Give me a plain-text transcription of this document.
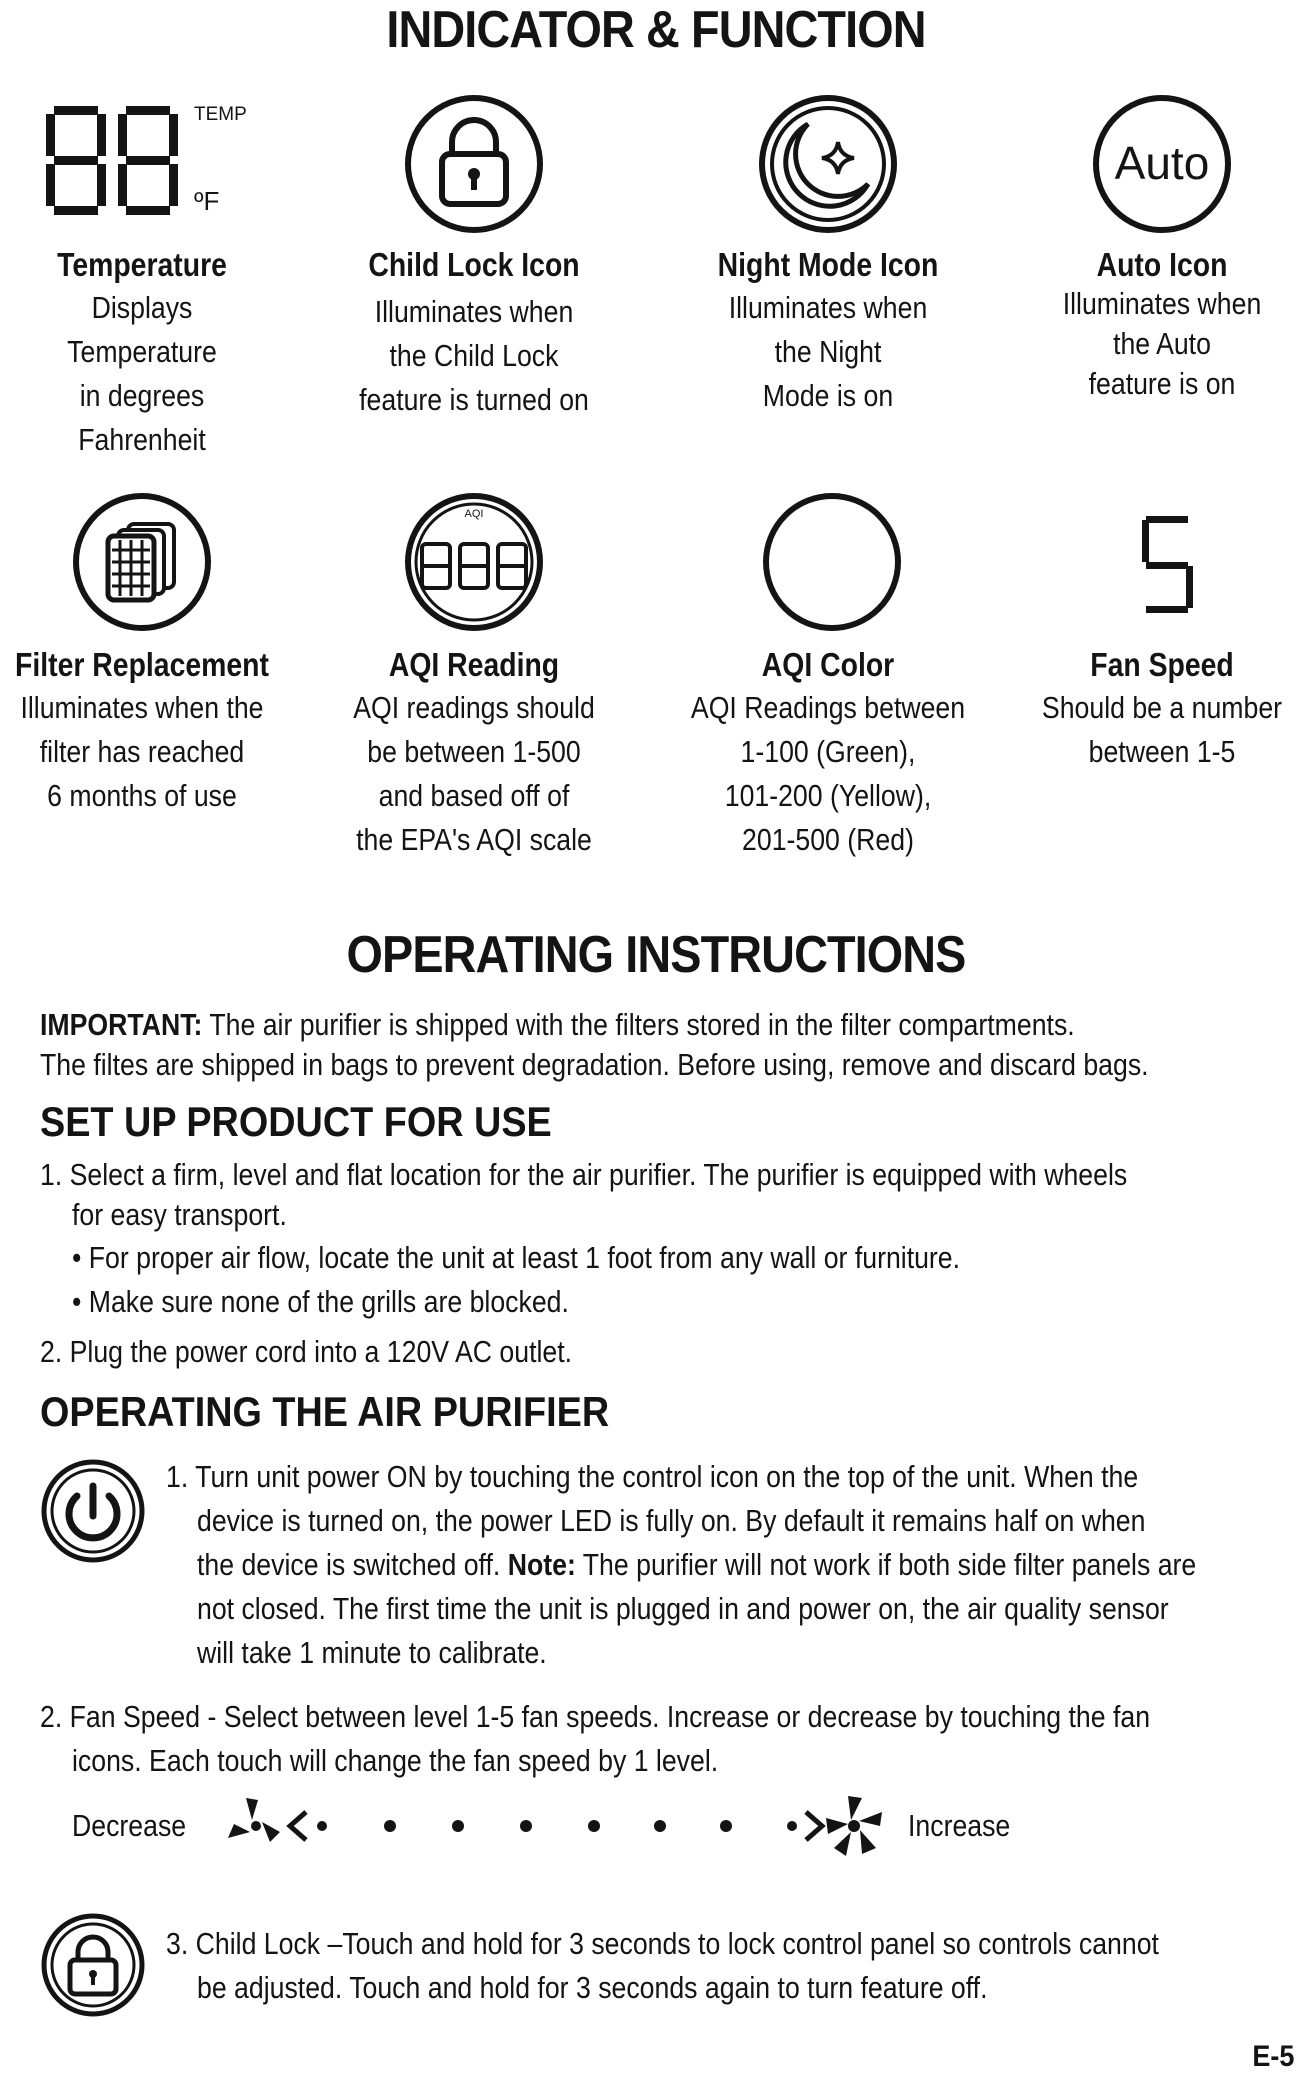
INDICATOR & FUNCTION
TEMP
ºF
Auto
Temperature
Displays
Temperature
in degrees
Fahrenheit
Child Lock Icon
Illuminates when
the Child Lock
feature is turned on
Night Mode Icon
Illuminates when
the Night
Mode is on
Auto Icon
Illuminates when
the Auto
feature is on
AQI
Filter Replacement
Illuminates when the
filter has reached
6 months of use
AQI Reading
AQI readings should
be between 1-500
and based off of
the EPA's AQI scale
AQI Color
AQI Readings between
1-100 (Green),
101-200 (Yellow),
201-500 (Red)
Fan Speed
Should be a number
between 1-5
OPERATING INSTRUCTIONS
IMPORTANT: The air purifier is shipped with the filters stored in the filter compartments.
The filtes are shipped in bags to prevent degradation. Before using, remove and discard bags.
SET UP PRODUCT FOR USE
1. Select a firm, level and flat location for the air purifier. The purifier is equipped with wheels
for easy transport.
• For proper air flow, locate the unit at least 1 foot from any wall or furniture.
• Make sure none of the grills are blocked.
2. Plug the power cord into a 120V AC outlet.
OPERATING THE AIR PURIFIER
1. Turn unit power ON by touching the control icon on the top of the unit. When the
device is turned on, the power LED is fully on. By default it remains half on when
the device is switched off. Note: The purifier will not work if both side filter panels are
not closed. The first time the unit is plugged in and power on, the air quality sensor
will take 1 minute to calibrate.
2. Fan Speed - Select between level 1-5 fan speeds. Increase or decrease by touching the fan
icons. Each touch will change the fan speed by 1 level.
Decrease	Increase
3. Child Lock –Touch and hold for 3 seconds to lock control panel so controls cannot
be adjusted. Touch and hold for 3 seconds again to turn feature off.
E-5
